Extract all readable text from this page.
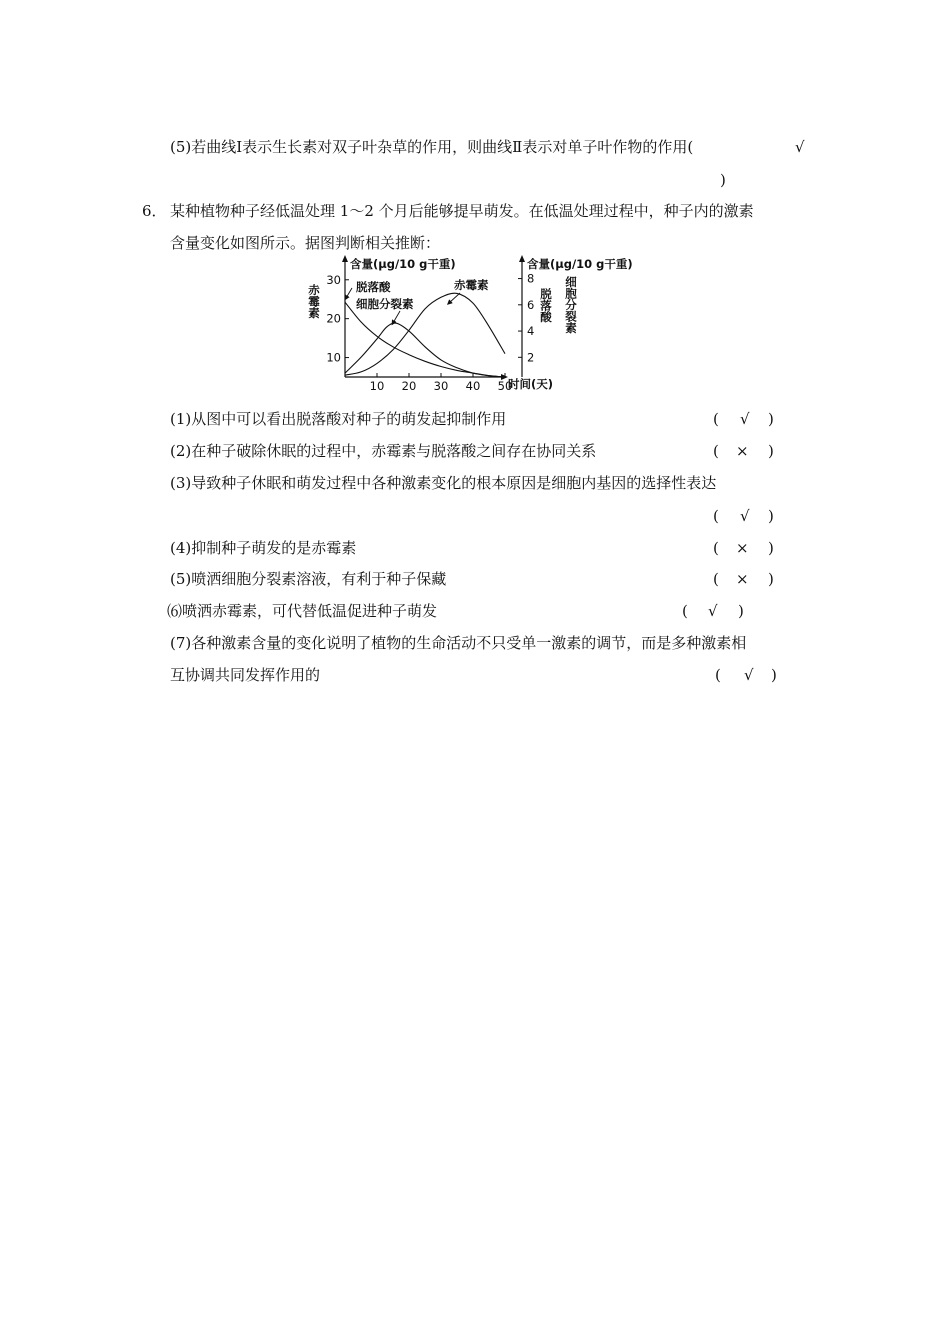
(5)若曲线Ⅰ表示生长素对双子叶杂草的作用，则曲线Ⅱ表示对单子叶作物的作用(	√
)
6． 某种植物种子经低温处理 1～2 个月后能够提早萌发。在低温处理过程中，种子内的激素
含量变化如图所示。据图判断相关推断：
含量(μg/10 g干重)	含量(μg/10 g干重)
时间(天)
赤霉素	脱落酸 细胞分裂素
10 20 30 40 50
10
20
30
2
4
6
8
脱落酸
细胞分裂素
赤霉素
(1)从图中可以看出脱落酸对种子的萌发起抑制作用	( √ )
(2)在种子破除休眠的过程中，赤霉素与脱落酸之间存在协同关系	( × )
(3)导致种子休眠和萌发过程中各种激素变化的根本原因是细胞内基因的选择性表达
( √ )
(4)抑制种子萌发的是赤霉素	( × )
(5)喷洒细胞分裂素溶液，有利于种子保藏	( × )
⑹喷洒赤霉素，可代替低温促进种子萌发	( √ )
(7)各种激素含量的变化说明了植物的生命活动不只受单一激素的调节，而是多种激素相
互协调共同发挥作用的	( √ )
